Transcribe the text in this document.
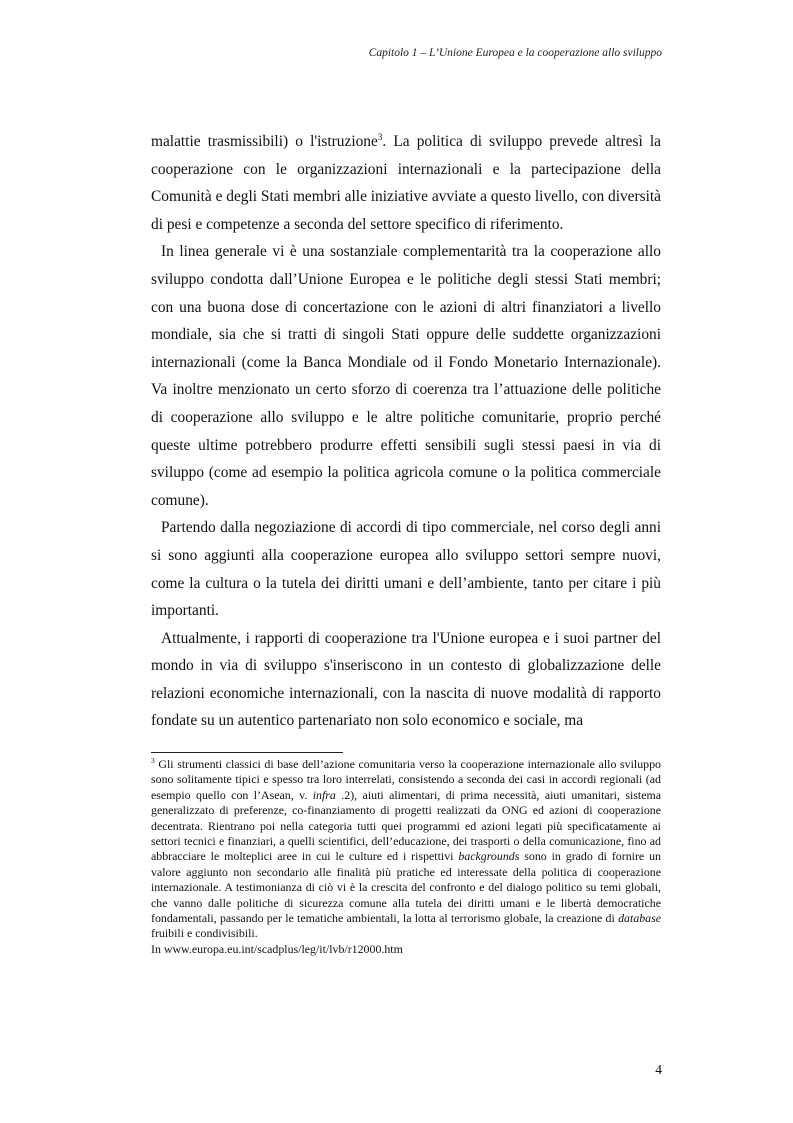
Capitolo 1 – L’Unione Europea e la cooperazione allo sviluppo

malattie trasmissibili) o l'istruzione$^3$. La politica di sviluppo prevede altresì la cooperazione con le organizzazioni internazionali e la partecipazione della Comunità e degli Stati membri alle iniziative avviate a questo livello, con diversità di pesi e competenze a seconda del settore specifico di riferimento.

In linea generale vi è una sostanziale complementarità tra la cooperazione allo sviluppo condotta dall’Unione Europea e le politiche degli stessi Stati membri; con una buona dose di concertazione con le azioni di altri finanziatori a livello mondiale, sia che si tratti di singoli Stati oppure delle suddette organizzazioni internazionali (come la Banca Mondiale od il Fondo Monetario Internazionale). Va inoltre menzionato un certo sforzo di coerenza tra l’attuazione delle politiche di cooperazione allo sviluppo e le altre politiche comunitarie, proprio perché queste ultime potrebbero produrre effetti sensibili sugli stessi paesi in via di sviluppo (come ad esempio la politica agricola comune o la politica commerciale comune).

Partendo dalla negoziazione di accordi di tipo commerciale, nel corso degli anni si sono aggiunti alla cooperazione europea allo sviluppo settori sempre nuovi, come la cultura o la tutela dei diritti umani e dell’ambiente, tanto per citare i più importanti.

Attualmente, i rapporti di cooperazione tra l'Unione europea e i suoi partner del mondo in via di sviluppo s'inseriscono in un contesto di globalizzazione delle relazioni economiche internazionali, con la nascita di nuove modalità di rapporto fondate su un autentico partenariato non solo economico e sociale, ma

$^3$ Gli strumenti classici di base dell’azione comunitaria verso la cooperazione internazionale allo sviluppo sono solitamente tipici e spesso tra loro interrelati, consistendo a seconda dei casi in accordi regionali (ad esempio quello con l’Asean, v. infra .2), aiuti alimentari, di prima necessità, aiuti umanitari, sistema generalizzato di preferenze, co-finanziamento di progetti realizzati da ONG ed azioni di cooperazione decentrata. Rientrano poi nella categoria tutti quei programmi ed azioni legati più specificatamente ai settori tecnici e finanziari, a quelli scientifici, dell’educazione, dei trasporti o della comunicazione, fino ad abbracciare le molteplici aree in cui le culture ed i rispettivi backgrounds sono in grado di fornire un valore aggiunto non secondario alle finalità più pratiche ed interessate della politica di cooperazione internazionale. A testimonianza di ciò vi è la crescita del confronto e del dialogo politico su temi globali, che vanno dalle politiche di sicurezza comune alla tutela dei diritti umani e le libertà democratiche fondamentali, passando per le tematiche ambientali, la lotta al terrorismo globale, la creazione di database fruibili e condivisibili.

In www.europa.eu.int/scadplus/leg/it/lvb/r12000.htm

4
